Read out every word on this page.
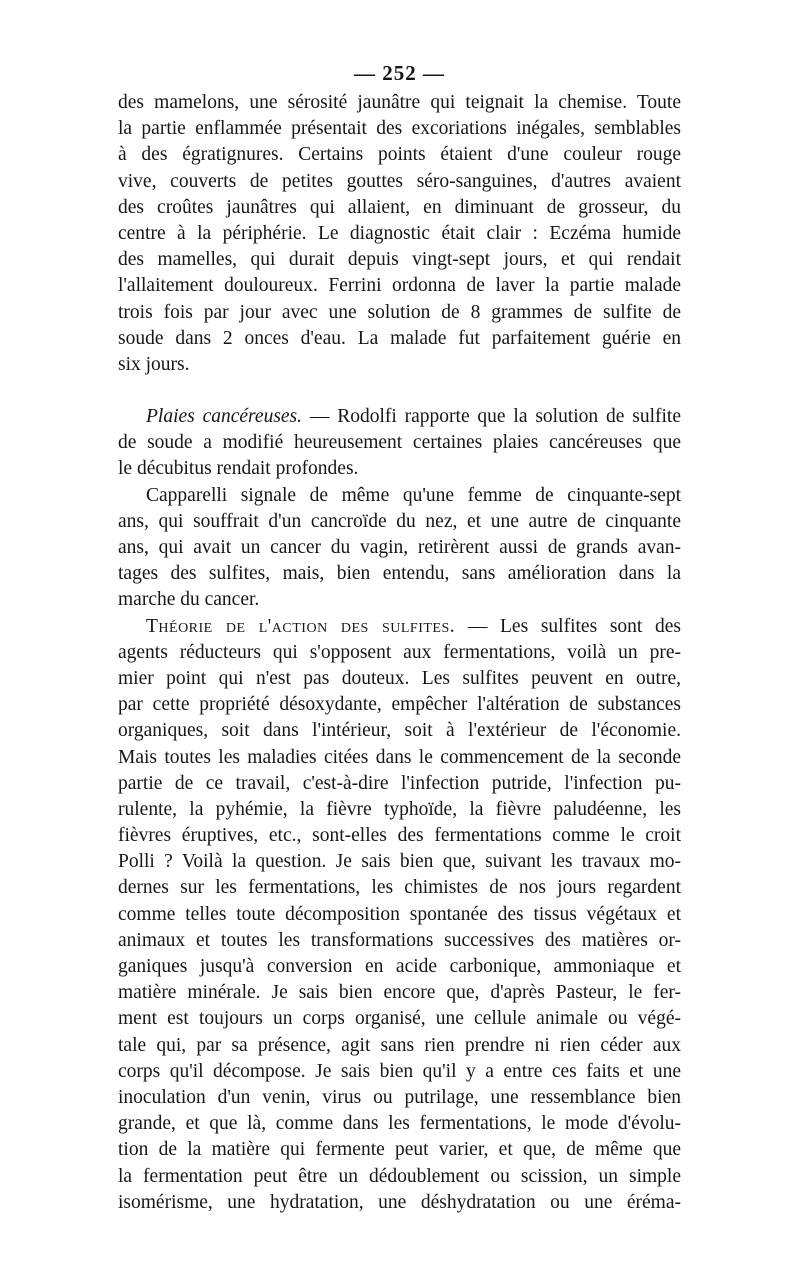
— 252 —
des mamelons, une sérosité jaunâtre qui teignait la chemise. Toute
la partie enflammée présentait des excoriations inégales, semblables
à des égratignures. Certains points étaient d'une couleur rouge
vive, couverts de petites gouttes séro-sanguines, d'autres avaient
des croûtes jaunâtres qui allaient, en diminuant de grosseur, du
centre à la périphérie. Le diagnostic était clair : Eczéma humide
des mamelles, qui durait depuis vingt-sept jours, et qui rendait
l'allaitement douloureux. Ferrini ordonna de laver la partie malade
trois fois par jour avec une solution de 8 grammes de sulfite de
soude dans 2 onces d'eau. La malade fut parfaitement guérie en
six jours.
Plaies cancéreuses. — Rodolfi rapporte que la solution de sulfite
de soude a modifié heureusement certaines plaies cancéreuses que
le décubitus rendait profondes.
Capparelli signale de même qu'une femme de cinquante-sept
ans, qui souffrait d'un cancroïde du nez, et une autre de cinquante
ans, qui avait un cancer du vagin, retirèrent aussi de grands avan-
tages des sulfites, mais, bien entendu, sans amélioration dans la
marche du cancer.
Théorie de l'action des sulfites. — Les sulfites sont des
agents réducteurs qui s'opposent aux fermentations, voilà un pre-
mier point qui n'est pas douteux. Les sulfites peuvent en outre,
par cette propriété désoxydante, empêcher l'altération de substances
organiques, soit dans l'intérieur, soit à l'extérieur de l'économie.
Mais toutes les maladies citées dans le commencement de la seconde
partie de ce travail, c'est-à-dire l'infection putride, l'infection pu-
rulente, la pyhémie, la fièvre typhoïde, la fièvre paludéenne, les
fièvres éruptives, etc., sont-elles des fermentations comme le croit
Polli ? Voilà la question. Je sais bien que, suivant les travaux mo-
dernes sur les fermentations, les chimistes de nos jours regardent
comme telles toute décomposition spontanée des tissus végétaux et
animaux et toutes les transformations successives des matières or-
ganiques jusqu'à conversion en acide carbonique, ammoniaque et
matière minérale. Je sais bien encore que, d'après Pasteur, le fer-
ment est toujours un corps organisé, une cellule animale ou végé-
tale qui, par sa présence, agit sans rien prendre ni rien céder aux
corps qu'il décompose. Je sais bien qu'il y a entre ces faits et une
inoculation d'un venin, virus ou putrilage, une ressemblance bien
grande, et que là, comme dans les fermentations, le mode d'évolu-
tion de la matière qui fermente peut varier, et que, de même que
la fermentation peut être un dédoublement ou scission, un simple
isomérisme, une hydratation, une déshydratation ou une éréma-
